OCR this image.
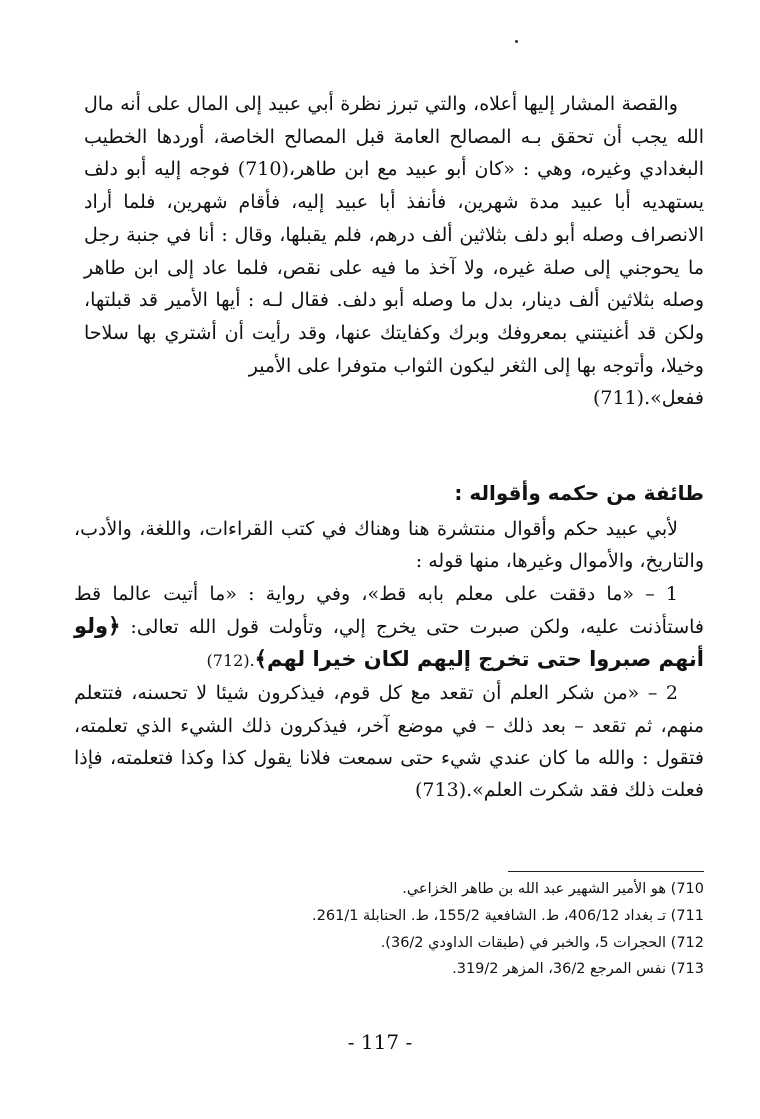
والقصة المشار إليها أعلاه، والتي تبرز نظرة أبي عبيد إلى المال على أنه مال الله يجب أن تحقق بـه المصالح العامة قبل المصالح الخاصة، أوردها الخطيب البغدادي وغيره، وهي : «كان أبو عبيد مع ابن طاهر،(710) فوجه إليه أبو دلف يستهديه أبا عبيد مدة شهرين، فأنفذ أبا عبيد إليه، فأقام شهرين، فلما أراد الانصراف وصله أبو دلف بثلاثين ألف درهم، فلم يقبلها، وقال : أنا في جنبة رجل ما يحوجني إلى صلة غيره، ولا آخذ ما فيه على نقص، فلما عاد إلى ابن طاهر وصله بثلاثين ألف دينار، بدل ما وصله أبو دلف. فقال لـه : أيها الأمير قد قبلتها، ولكن قد أغنيتني بمعروفك وبرك وكفايتك عنها، وقد رأيت أن أشتري بها سلاحا وخيلا، وأتوجه بها إلى الثغر ليكون الثواب متوفرا على الأمير

ففعل».(711)

طائفة من حكمه وأقواله :

لأبي عبيد حكم وأقوال منتشرة هنا وهناك في كتب القراءات، واللغة، والأدب، والتاريخ، والأموال وغيرها، منها قوله :

1 – «ما دققت على معلم بابه قط»، وفي رواية : «ما أتيت عالما قط فاستأذنت عليه، ولكن صبرت حتى يخرج إلي، وتأولت قول الله تعالى: ﴿ولو أنهم صبروا حتى تخرج إليهم لكان خيرا لهم﴾.(712)

2 – «من شكر العلم أن تقعد مع كل قوم، فيذكرون شيئا لا تحسنه، فتتعلم منهم، ثم تقعد – بعد ذلك – في موضع آخر، فيذكرون ذلك الشيء الذي تعلمته، فتقول : والله ما كان عندي شيء حتى سمعت فلانا يقول كذا وكذا فتعلمته، فإذا فعلت ذلك فقد شكرت العلم».(713)

710) هو الأمير الشهير عبد الله بن طاهر الخزاعي.

711) تـ بغداد 406/12، ط. الشافعية 155/2، ط. الحنابلة 261/1.

712) الحجرات 5، والخبر في (طبقات الداودي 36/2).

713) نفس المرجع 36/2، المزهر 319/2.

- 117 -
